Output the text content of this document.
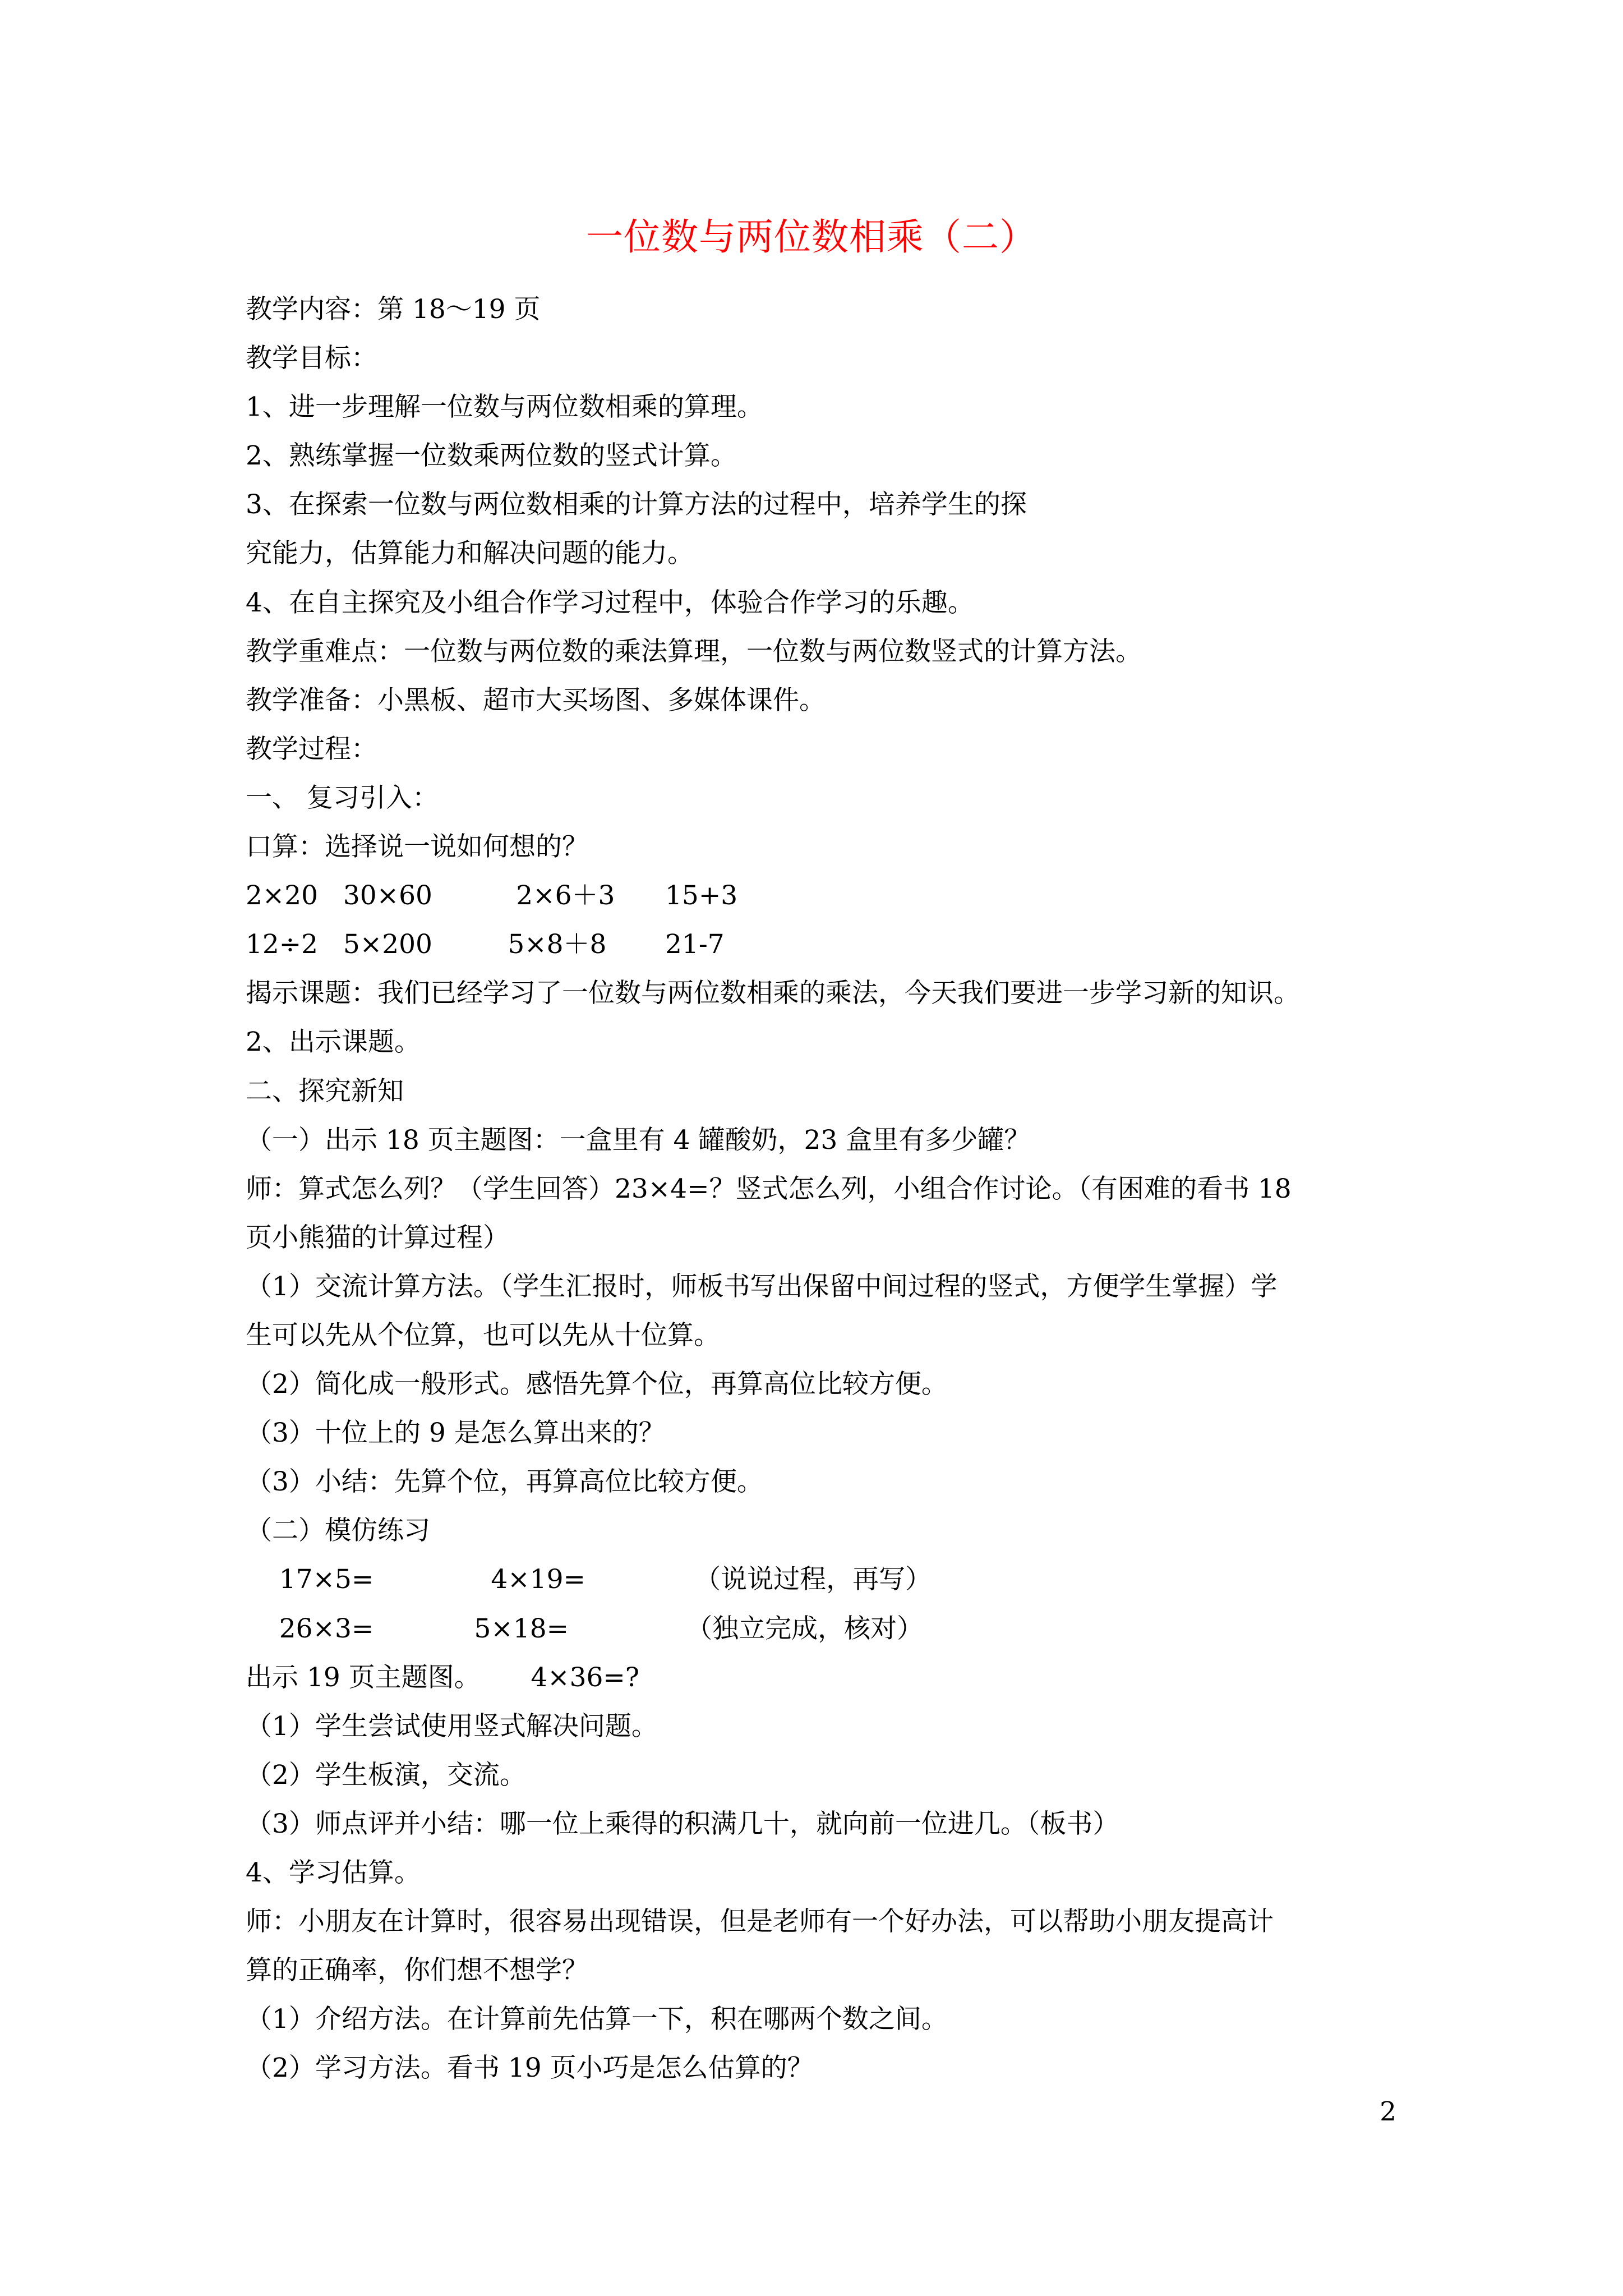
一位数与两位数相乘（二）
教学内容：第 18～19 页
教学目标：
1、进一步理解一位数与两位数相乘的算理。
2、熟练掌握一位数乘两位数的竖式计算。
3、在探索一位数与两位数相乘的计算方法的过程中，培养学生的探
究能力，估算能力和解决问题的能力。
4、在自主探究及小组合作学习过程中，体验合作学习的乐趣。
教学重难点：一位数与两位数的乘法算理，一位数与两位数竖式的计算方法。
教学准备：小黑板、超市大买场图、多媒体课件。
教学过程：
一、 复习引入：
口算：选择说一说如何想的？
2×20   30×60          2×6＋3      15+3
12÷2   5×200         5×8＋8       21-7
揭示课题：我们已经学习了一位数与两位数相乘的乘法，今天我们要进一步学习新的知识。
2、出示课题。
二、探究新知
（一）出示 18 页主题图：一盒里有 4 罐酸奶，23 盒里有多少罐？
师：算式怎么列？（学生回答）23×4=？竖式怎么列，小组合作讨论。（有困难的看书 18
页小熊猫的计算过程）
（1）交流计算方法。（学生汇报时，师板书写出保留中间过程的竖式，方便学生掌握）学
生可以先从个位算，也可以先从十位算。
（2）简化成一般形式。感悟先算个位，再算高位比较方便。
（3）十位上的 9 是怎么算出来的？
（3）小结：先算个位，再算高位比较方便。
（二）模仿练习
17×5=              4×19=             （说说过程，再写）
26×3=            5×18=              （独立完成，核对）
出示 19 页主题图。      4×36=?
（1）学生尝试使用竖式解决问题。
（2）学生板演，交流。
（3）师点评并小结：哪一位上乘得的积满几十，就向前一位进几。（板书）
4、学习估算。
师：小朋友在计算时，很容易出现错误，但是老师有一个好办法，可以帮助小朋友提高计
算的正确率，你们想不想学？
（1）介绍方法。在计算前先估算一下，积在哪两个数之间。
（2）学习方法。看书 19 页小巧是怎么估算的？
2
